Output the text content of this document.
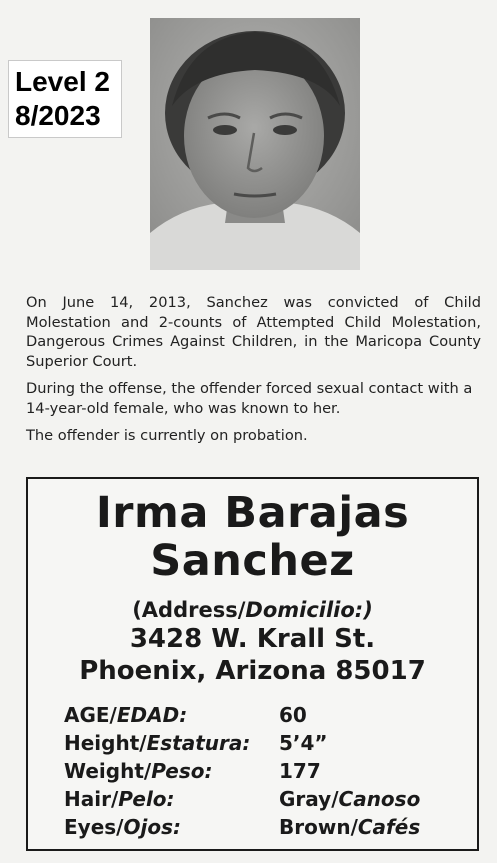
Level 2
8/2023

On June 14, 2013, Sanchez was convicted of Child Molestation and 2-counts of Attempted Child Molestation, Dangerous Crimes Against Children, in the Maricopa County Superior Court.

During the offense, the offender forced sexual contact with a 14-year-old female, who was known to her.

The offender is currently on probation.

Irma Barajas
Sanchez
(Address/Domicilio:)
3428 W. Krall St.
Phoenix, Arizona 85017
AGE/EDAD:	60
Height/Estatura:	5’4”
Weight/Peso:	177
Hair/Pelo:	Gray/Canoso
Eyes/Ojos:	Brown/Cafés
